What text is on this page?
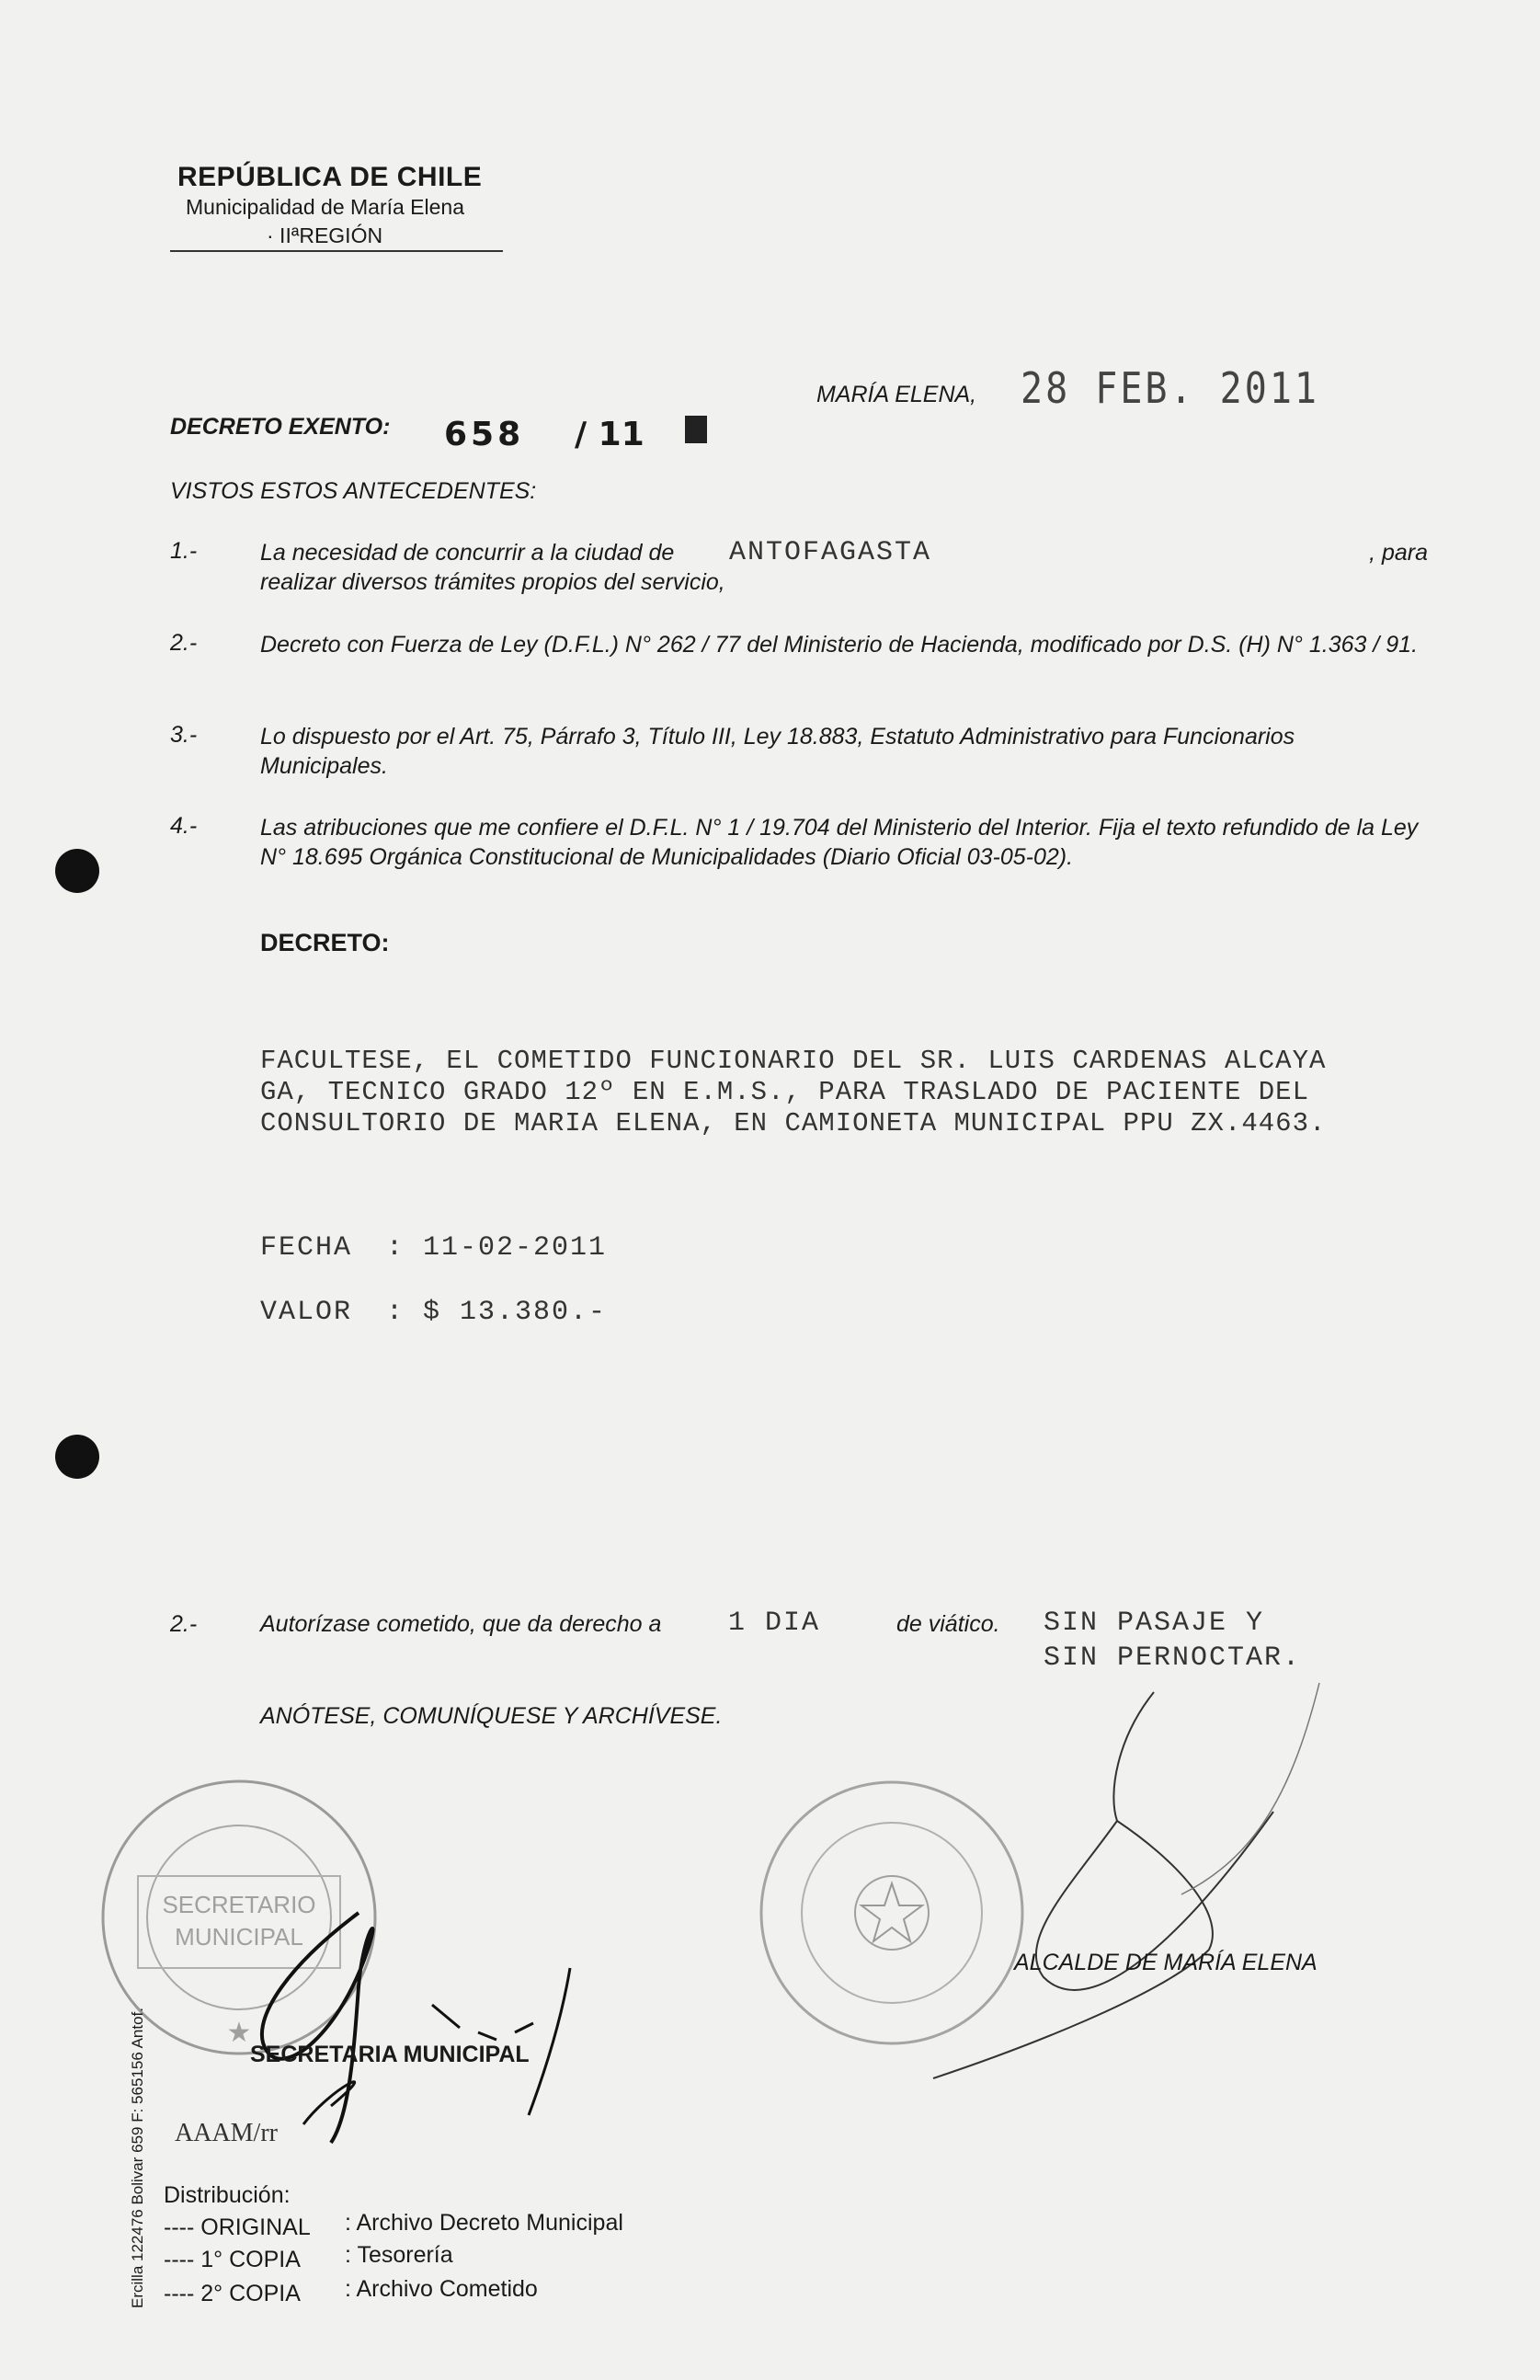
REPÚBLICA DE CHILE
Municipalidad de María Elena
· IIªREGIÓN
DECRETO EXENTO: 658 / 11
MARÍA ELENA, 28 FEB. 2011
VISTOS ESTOS ANTECEDENTES:
1.-	La necesidad de concurrir a la ciudad de ANTOFAGASTA	, para
realizar diversos trámites propios del servicio,
2.-	Decreto con Fuerza de Ley (D.F.L.) N° 262 / 77 del Ministerio de Hacienda, modificado por D.S. (H) N° 1.363 / 91.
3.-	Lo dispuesto por el Art. 75, Párrafo 3, Título III, Ley 18.883, Estatuto Administrativo para Funcionarios Municipales.
4.-	Las atribuciones que me confiere el D.F.L. N° 1 / 19.704 del Ministerio del Interior. Fija el texto refundido de la Ley N° 18.695 Orgánica Constitucional de Municipalidades (Diario Oficial 03-05-02).
DECRETO:
FACULTESE, EL COMETIDO FUNCIONARIO DEL SR. LUIS CARDENAS ALCAYA
GA, TECNICO GRADO 12º EN E.M.S., PARA TRASLADO DE PACIENTE DEL
CONSULTORIO DE MARIA ELENA, EN CAMIONETA MUNICIPAL PPU ZX.4463.
FECHA : 11-02-2011
VALOR : $ 13.380.-
2.-	Autorízase cometido, que da derecho a 1 DIA	de viático. SIN PASAJE Y
SIN PERNOCTAR.
ANÓTESE, COMUNÍQUESE Y ARCHÍVESE.
SECRETARIO
MUNICIPAL
★
SECRETARIA MUNICIPAL
ALCALDE DE MARÍA ELENA
AAAM/rr
Distribución:
---- ORIGINAL : Archivo Decreto Municipal
---- 1° COPIA : Tesorería
---- 2° COPIA : Archivo Cometido
Ercilla 122476 Bolivar 659 F: 565156 Antof.
